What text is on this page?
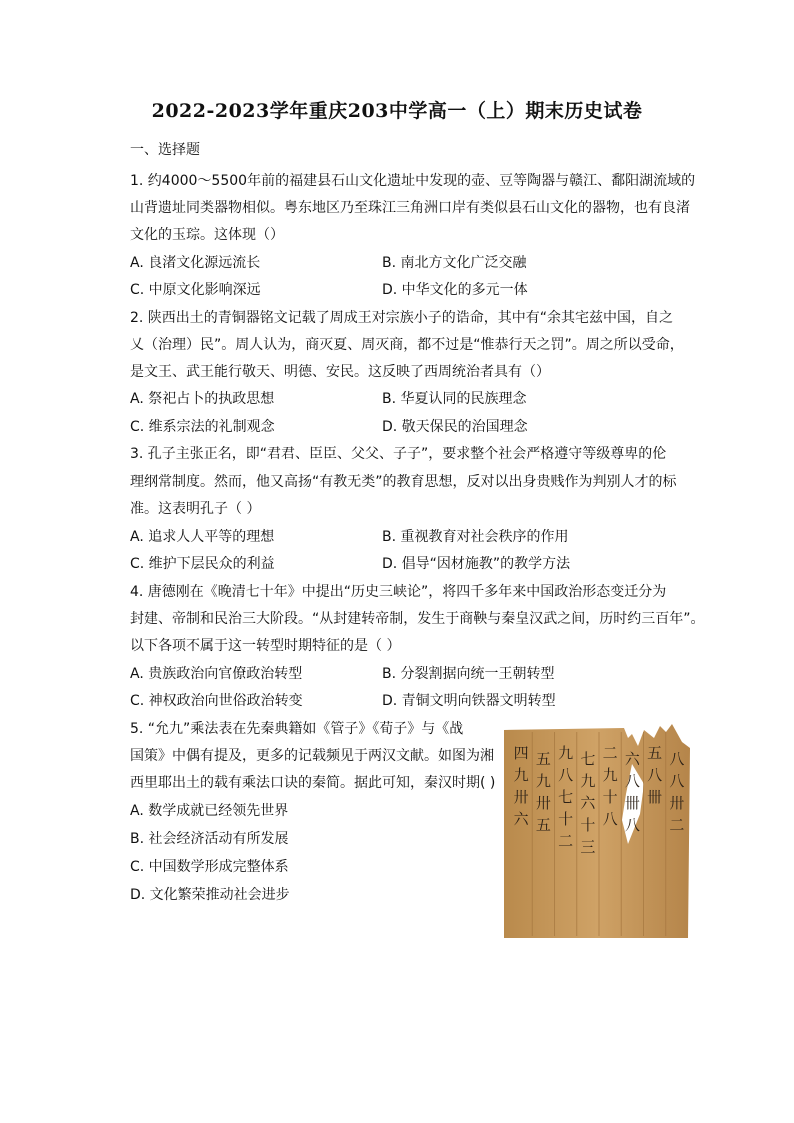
2022-2023学年重庆203中学高一（上）期末历史试卷
一、选择题
1. 约4000～5500年前的福建县石山文化遗址中发现的壶、豆等陶器与赣江、鄱阳湖流域的
山背遗址同类器物相似。粤东地区乃至珠江三角洲口岸有类似县石山文化的器物，也有良渚
文化的玉琮。这体现（）
A. 良渚文化源远流长	B. 南北方文化广泛交融
C. 中原文化影响深远	D. 中华文化的多元一体
2. 陕西出土的青铜器铭文记载了周成王对宗族小子的诰命，其中有“余其宅兹中国，自之
乂（治理）民”。周人认为，商灭夏、周灭商，都不过是“惟恭行天之罚”。周之所以受命，
是文王、武王能行敬天、明德、安民。这反映了西周统治者具有（）
A. 祭祀占卜的执政思想	B. 华夏认同的民族理念
C. 维系宗法的礼制观念	D. 敬天保民的治国理念
3. 孔子主张正名，即“君君、臣臣、父父、子子”，要求整个社会严格遵守等级尊卑的伦
理纲常制度。然而，他又高扬“有教无类”的教育思想，反对以出身贵贱作为判别人才的标
准。这表明孔子（ ）
A. 追求人人平等的理想	B. 重视教育对社会秩序的作用
C. 维护下层民众的利益	D. 倡导“因材施教”的教学方法
4. 唐德刚在《晚清七十年》中提出“历史三峡论”，将四千多年来中国政治形态变迁分为
封建、帝制和民治三大阶段。“从封建转帝制，发生于商鞅与秦皇汉武之间，历时约三百年”。
以下各项不属于这一转型时期特征的是（ ）
A. 贵族政治向官僚政治转型	B. 分裂割据向统一王朝转型
C. 神权政治向世俗政治转变	D. 青铜文明向铁器文明转型
5. “允九”乘法表在先秦典籍如《管子》《荀子》与《战
国策》中偶有提及，更多的记载频见于两汉文献。如图为湘
西里耶出土的载有乘法口诀的秦简。据此可知，秦汉时期( )
A. 数学成就已经领先世界
B. 社会经济活动有所发展
C. 中国数学形成完整体系
D. 文化繁荣推动社会进步
四
九
卅
六
五
九
卅
五
九
八
七
十
二
七
九
六
十
三
二
九
十
八
六
八
卌
八
五
八
卌
八
八
卅
二
